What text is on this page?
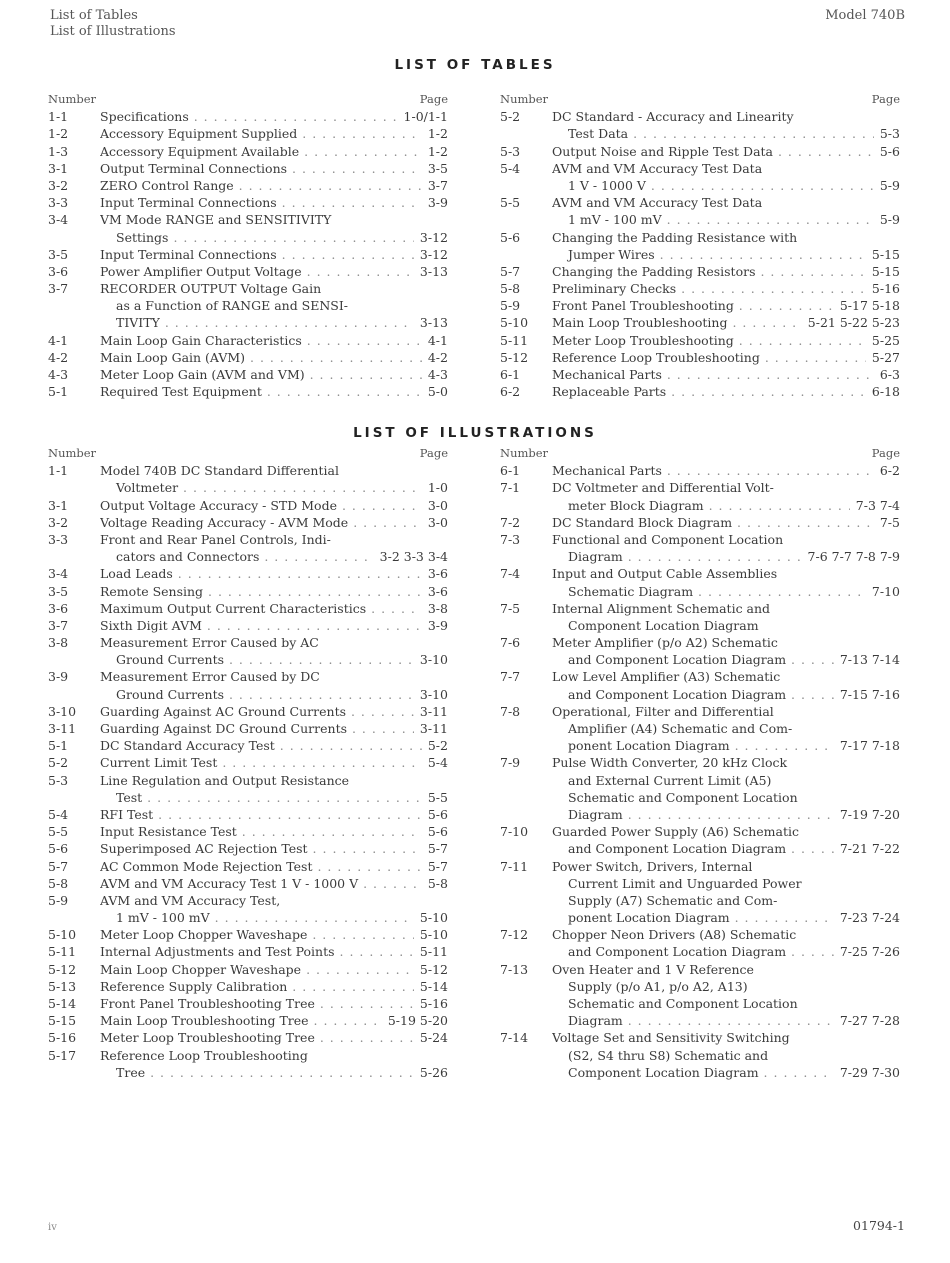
List of Tables
List of Illustrations
Model 740B
LIST OF TABLES
Number	Page
1-1	Specifications . . .	1-0/1-1
1-2	Accessory Equipment Supplied . . .	1-2
1-3	Accessory Equipment Available . . .	1-2
3-1	Output Terminal Connections . . .	3-5
3-2	ZERO Control Range . . .	3-7
3-3	Input Terminal Connections . . .	3-9
3-4	VM Mode RANGE and SENSITIVITY
Settings . . .	3-12
3-5	Input Terminal Connections . . .	3-12
3-6	Power Amplifier Output Voltage . . .	3-13
3-7	RECORDER OUTPUT Voltage Gain
as a Function of RANGE and SENSI-
TIVITY . . .	3-13
4-1	Main Loop Gain Characteristics . . .	4-1
4-2	Main Loop Gain (AVM) . . .	4-2
4-3	Meter Loop Gain (AVM and VM) . . .	4-3
5-1	Required Test Equipment . . .	5-0
Number	Page
5-2	DC Standard - Accuracy and Linearity
Test Data . . .	5-3
5-3	Output Noise and Ripple Test Data . . .	5-6
5-4	AVM and VM Accuracy Test Data
1 V - 1000 V . . .	5-9
5-5	AVM and VM Accuracy Test Data
1 mV - 100 mV . . .	5-9
5-6	Changing the Padding Resistance with
Jumper Wires . . .	5-15
5-7	Changing the Padding Resistors . . .	5-15
5-8	Preliminary Checks . . .	5-16
5-9	Front Panel Troubleshooting . . .	5-17 5-18
5-10	Main Loop Troubleshooting . . .	5-21 5-22 5-23
5-11	Meter Loop Troubleshooting . . .	5-25
5-12	Reference Loop Troubleshooting . . .	5-27
6-1	Mechanical Parts . . .	6-3
6-2	Replaceable Parts . . .	6-18
LIST OF ILLUSTRATIONS
Number	Page
1-1	Model 740B DC Standard Differential
Voltmeter . . .	1-0
3-1	Output Voltage Accuracy - STD Mode . . .	3-0
3-2	Voltage Reading Accuracy - AVM Mode . . .	3-0
3-3	Front and Rear Panel Controls, Indi-
cators and Connectors . . .	3-2 3-3 3-4
3-4	Load Leads . . .	3-6
3-5	Remote Sensing . . .	3-6
3-6	Maximum Output Current Characteristics . . .	3-8
3-7	Sixth Digit AVM . . .	3-9
3-8	Measurement Error Caused by AC
Ground Currents . . .	3-10
3-9	Measurement Error Caused by DC
Ground Currents . . .	3-10
3-10	Guarding Against AC Ground Currents . . .	3-11
3-11	Guarding Against DC Ground Currents . . .	3-11
5-1	DC Standard Accuracy Test . . .	5-2
5-2	Current Limit Test . . .	5-4
5-3	Line Regulation and Output Resistance
Test . . .	5-5
5-4	RFI Test . . .	5-6
5-5	Input Resistance Test . . .	5-6
5-6	Superimposed AC Rejection Test . . .	5-7
5-7	AC Common Mode Rejection Test . . .	5-7
5-8	AVM and VM Accuracy Test 1 V - 1000 V . . .	5-8
5-9	AVM and VM Accuracy Test,
1 mV - 100 mV . . .	5-10
5-10	Meter Loop Chopper Waveshape . . .	5-10
5-11	Internal Adjustments and Test Points . . .	5-11
5-12	Main Loop Chopper Waveshape . . .	5-12
5-13	Reference Supply Calibration . . .	5-14
5-14	Front Panel Troubleshooting Tree . . .	5-16
5-15	Main Loop Troubleshooting Tree . . .	5-19 5-20
5-16	Meter Loop Troubleshooting Tree . . .	5-24
5-17	Reference Loop Troubleshooting
Tree . . .	5-26
Number	Page
6-1	Mechanical Parts . . .	6-2
7-1	DC Voltmeter and Differential Volt-
meter Block Diagram . . .	7-3 7-4
7-2	DC Standard Block Diagram . . .	7-5
7-3	Functional and Component Location
Diagram . . .	7-6 7-7 7-8 7-9
7-4	Input and Output Cable Assemblies
Schematic Diagram . . .	7-10
7-5	Internal Alignment Schematic and
Component Location Diagram
7-6	Meter Amplifier (p/o A2) Schematic
and Component Location Diagram . . .	7-13 7-14
7-7	Low Level Amplifier (A3) Schematic
and Component Location Diagram . . .	7-15 7-16
7-8	Operational, Filter and Differential
Amplifier (A4) Schematic and Com-
ponent Location Diagram . . .	7-17 7-18
7-9	Pulse Width Converter, 20 kHz Clock
and External Current Limit (A5)
Schematic and Component Location
Diagram . . .	7-19 7-20
7-10	Guarded Power Supply (A6) Schematic
and Component Location Diagram . . .	7-21 7-22
7-11	Power Switch, Drivers, Internal
Current Limit and Unguarded Power
Supply (A7) Schematic and Com-
ponent Location Diagram . . .	7-23 7-24
7-12	Chopper Neon Drivers (A8) Schematic
and Component Location Diagram . . .	7-25 7-26
7-13	Oven Heater and 1 V Reference
Supply (p/o A1, p/o A2, A13)
Schematic and Component Location
Diagram . . .	7-27 7-28
7-14	Voltage Set and Sensitivity Switching
(S2, S4 thru S8) Schematic and
Component Location Diagram . . .	7-29 7-30
iv	01794-1
